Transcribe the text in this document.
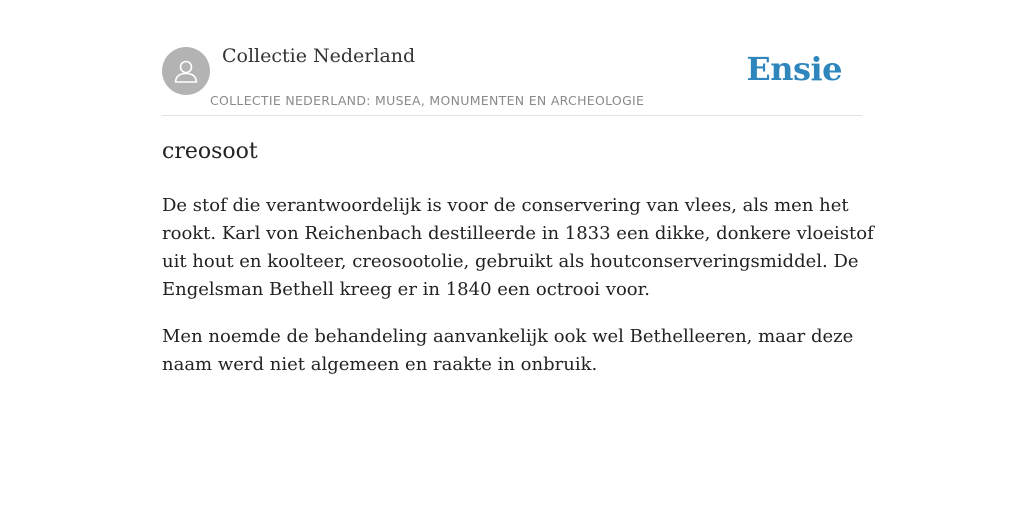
Collectie Nederland
COLLECTIE NEDERLAND: MUSEA, MONUMENTEN EN ARCHEOLOGIE
Ensie
creosoot

De stof die verantwoordelijk is voor de conservering van vlees, als men het rookt. Karl von Reichenbach destilleerde in 1833 een dikke, donkere vloeistof uit hout en koolteer, creosootolie, gebruikt als houtconserveringsmiddel. De Engelsman Bethell kreeg er in 1840 een octrooi voor.

Men noemde de behandeling aanvankelijk ook wel Bethelleeren, maar deze naam werd niet algemeen en raakte in onbruik.
